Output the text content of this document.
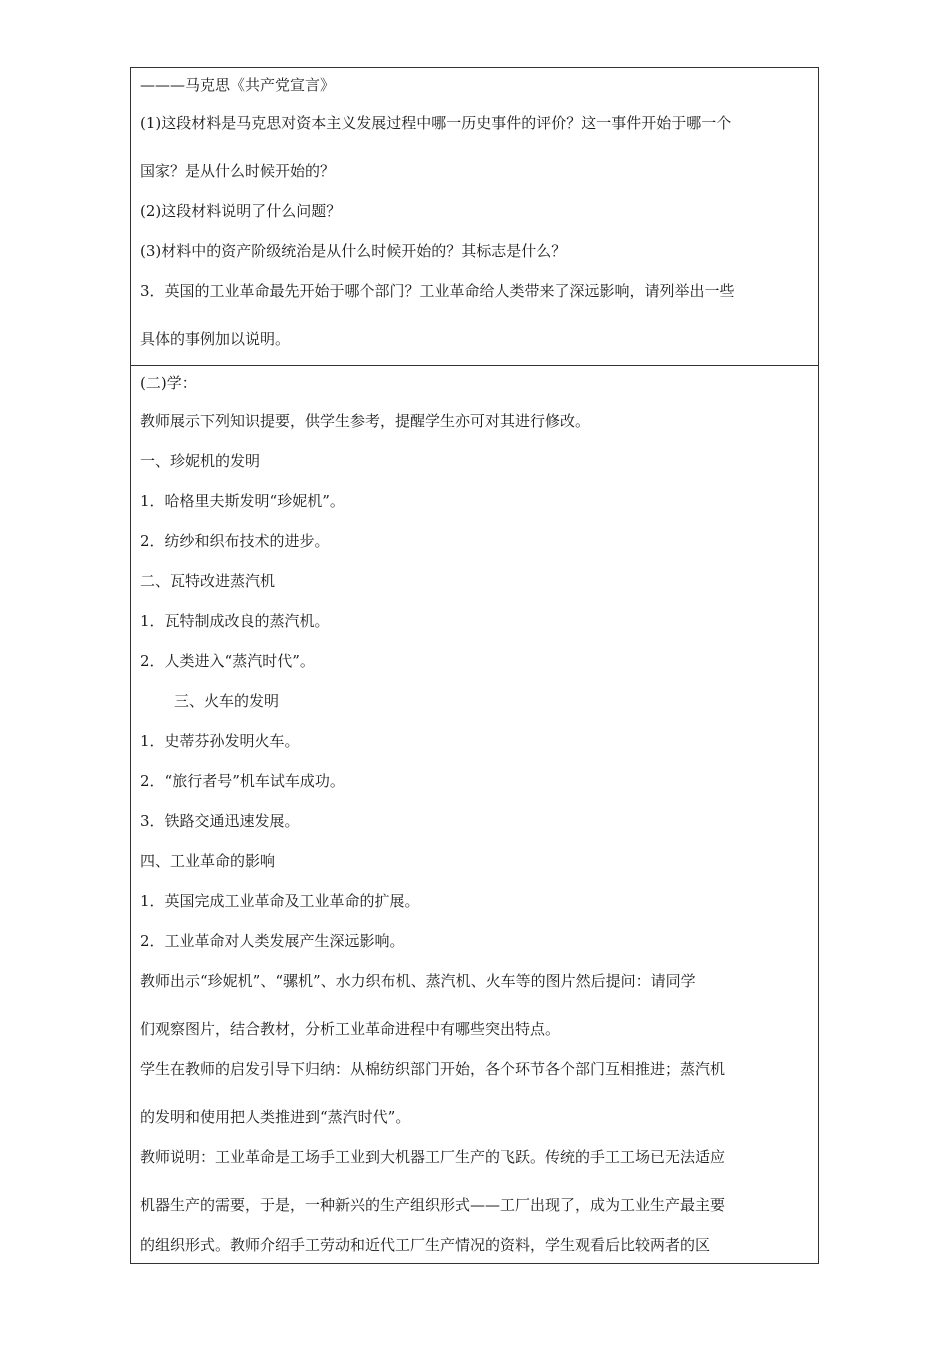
———马克思《共产党宣言》
(1)这段材料是马克思对资本主义发展过程中哪一历史事件的评价？这一事件开始于哪一个
国家？是从什么时候开始的？
(2)这段材料说明了什么问题？
(3)材料中的资产阶级统治是从什么时候开始的？其标志是什么？
3．英国的工业革命最先开始于哪个部门？工业革命给人类带来了深远影响，请列举出一些
具体的事例加以说明。
(二)学：
教师展示下列知识提要，供学生参考，提醒学生亦可对其进行修改。
一、珍妮机的发明
1．哈格里夫斯发明“珍妮机”。
2．纺纱和织布技术的进步。
二、瓦特改进蒸汽机
1．瓦特制成改良的蒸汽机。
2．人类进入“蒸汽时代”。
三、火车的发明
1．史蒂芬孙发明火车。
2．“旅行者号”机车试车成功。
3．铁路交通迅速发展。
四、工业革命的影响
1．英国完成工业革命及工业革命的扩展。
2．工业革命对人类发展产生深远影响。
教师出示“珍妮机”、“骡机”、水力织布机、蒸汽机、火车等的图片然后提问：请同学
们观察图片，结合教材，分析工业革命进程中有哪些突出特点。
学生在教师的启发引导下归纳：从棉纺织部门开始，各个环节各个部门互相推进；蒸汽机
的发明和使用把人类推进到“蒸汽时代”。
教师说明：工业革命是工场手工业到大机器工厂生产的飞跃。传统的手工工场已无法适应
机器生产的需要，于是，一种新兴的生产组织形式——工厂出现了，成为工业生产最主要
的组织形式。教师介绍手工劳动和近代工厂生产情况的资料，学生观看后比较两者的区
